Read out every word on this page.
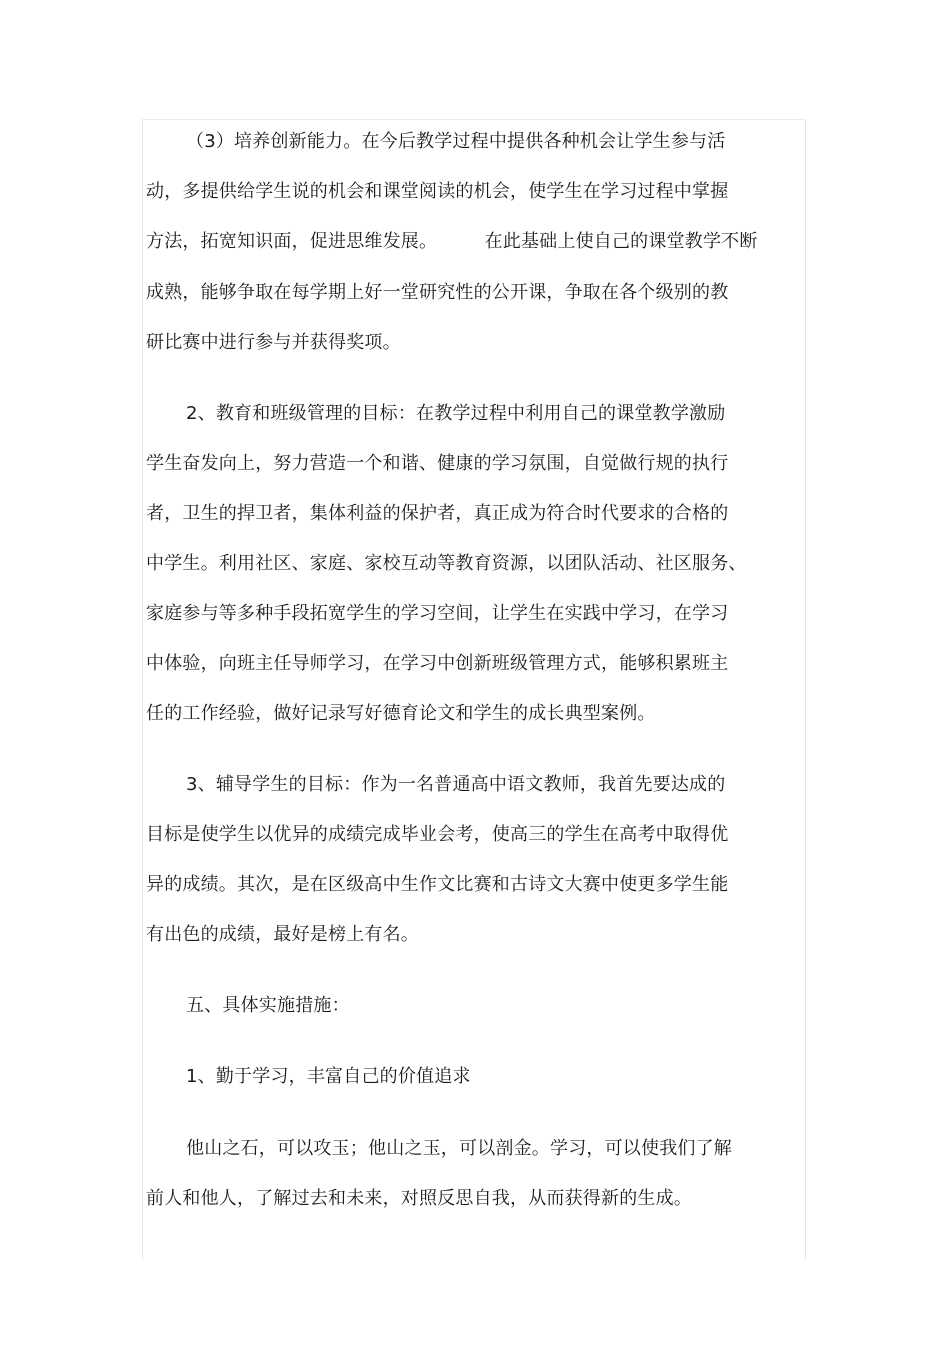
（3）培养创新能力。在今后教学过程中提供各种机会让学生参与活
动，多提供给学生说的机会和课堂阅读的机会，使学生在学习过程中掌握
方法，拓宽知识面，促进思维发展。        在此基础上使自己的课堂教学不断
成熟，能够争取在每学期上好一堂研究性的公开课，争取在各个级别的教
研比赛中进行参与并获得奖项。
2、教育和班级管理的目标：在教学过程中利用自己的课堂教学激励
学生奋发向上，努力营造一个和谐、健康的学习氛围，自觉做行规的执行
者，卫生的捍卫者，集体利益的保护者，真正成为符合时代要求的合格的
中学生。利用社区、家庭、家校互动等教育资源，以团队活动、社区服务、
家庭参与等多种手段拓宽学生的学习空间，让学生在实践中学习，在学习
中体验，向班主任导师学习，在学习中创新班级管理方式，能够积累班主
任的工作经验，做好记录写好德育论文和学生的成长典型案例。
3、辅导学生的目标：作为一名普通高中语文教师，我首先要达成的
目标是使学生以优异的成绩完成毕业会考，使高三的学生在高考中取得优
异的成绩。其次，是在区级高中生作文比赛和古诗文大赛中使更多学生能
有出色的成绩，最好是榜上有名。
五、具体实施措施：
1、勤于学习，丰富自己的价值追求
他山之石，可以攻玉；他山之玉，可以剖金。学习，可以使我们了解
前人和他人，了解过去和未来，对照反思自我，从而获得新的生成。
